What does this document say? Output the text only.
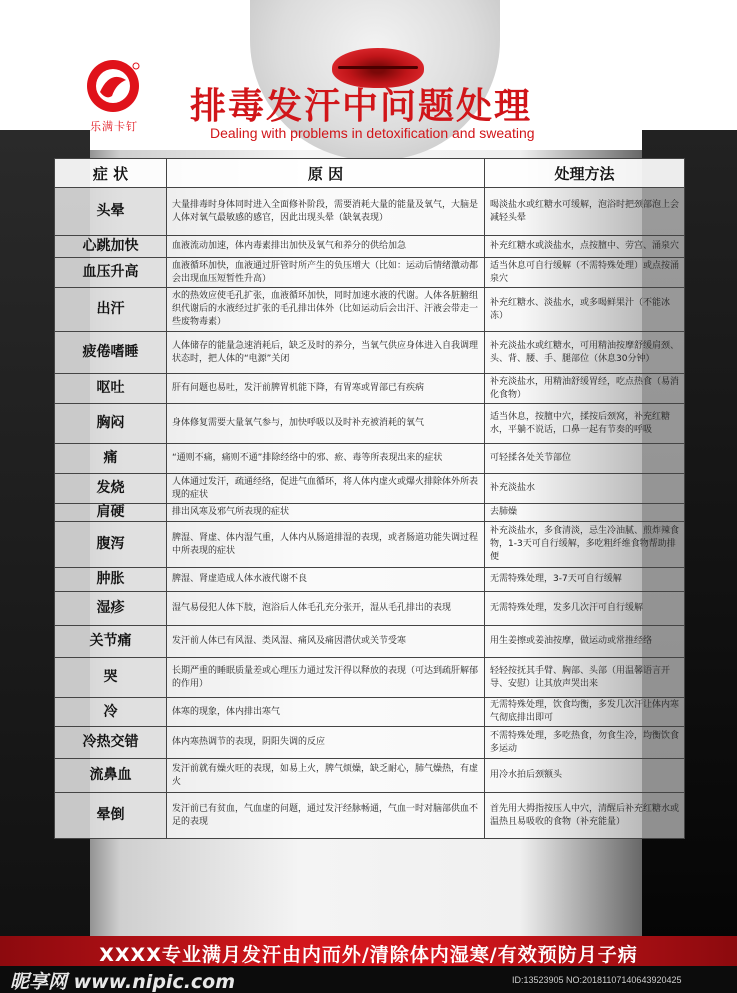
乐满卡钉	排毒发汗中问题处理
Dealing with problems in detoxification and sweating
症 状	原 因	处理方法
头晕	大量排毒时身体同时进入全面修补阶段，需要消耗大量的能量及氧气，大脑是人体对氧气最敏感的感官，因此出现头晕（缺氧表现）	喝淡盐水或红糖水可缓解，泡浴时把颈部泡上会减轻头晕
心跳加快	血液流动加速，体内毒素排出加快及氧气和养分的供给加急	补充红糖水或淡盐水，点按膻中、劳宫、涌泉穴
血压升高	血液循环加快，血液通过肝管时所产生的负压增大（比如：运动后情绪激动都会出现血压短暂性升高）	适当休息可自行缓解（不需特殊处理）或点按涌泉穴
出汗	水的热效应使毛孔扩张，血液循环加快，同时加速水液的代谢。人体各脏腑组织代谢后的水液经过扩张的毛孔排出体外（比如运动后会出汗、汗液会带走一些废物毒素）	补充红糖水、淡盐水，或多喝鲜果汁（不能冰冻）
疲倦嗜睡	人体储存的能量急速消耗后，缺乏及时的养分，当氧气供应身体进入自我调理状态时，把人体的“电源”关闭	补充淡盐水或红糖水，可用精油按摩舒缓肩颈、头、背、腰、手、腿部位（休息30分钟）
呕吐	肝有问题也易吐，发汗前脾胃机能下降，有胃寒或胃部已有疾病	补充淡盐水，用精油舒缓胃经，吃点热食（易消化食物）
胸闷	身体修复需要大量氧气参与，加快呼吸以及时补充被消耗的氧气	适当休息，按膻中穴，揉按后颈窝，补充红糖水，平躺不说话，口鼻一起有节奏的呼吸
痛	“通则不痛，痛则不通”排除经络中的邪、瘀、毒等所表现出来的症状	可轻揉各处关节部位
发烧	人体通过发汗，疏通经络，促进气血循环，将人体内虚火或爆火排除体外所表现的症状	补充淡盐水
肩硬	排出风寒及邪气所表现的症状	去肺燥
腹泻	脾湿、肾虚、体内湿气重，人体内从肠道排湿的表现，或者肠道功能失调过程中所表现的症状	补充淡盐水，多食清淡，忌生冷油腻、煎炸辣食物，1-3天可自行缓解，多吃粗纤维食物帮助排便
肿胀	脾湿、肾虚造成人体水液代谢不良	无需特殊处理，3-7天可自行缓解
湿疹	湿气易侵犯人体下肢，泡浴后人体毛孔充分张开，湿从毛孔排出的表现	无需特殊处理，发多几次汗可自行缓解
关节痛	发汗前人体已有风湿、类风湿、痛风及痛因潜伏或关节受寒	用生姜擦或姜油按摩，做运动或常推经络
哭	长期严重的睡眠质量差或心理压力通过发汗得以释放的表现（可达到疏肝解郁的作用）	轻轻按抚其手臂、胸部、头部（用温馨语言开导、安慰）让其放声哭出来
冷	体寒的现象，体内排出寒气	无需特殊处理，饮食均衡，多发几次汗让体内寒气彻底排出即可
冷热交错	体内寒热调节的表现，阴阳失调的反应	不需特殊处理，多吃热食，勿食生冷，均衡饮食多运动
流鼻血	发汗前就有燥火旺的表现，如易上火，脾气烦燥，缺乏耐心，肺气燥热，有虚火	用冷水拍后颈额头
晕倒	发汗前已有贫血，气血虚的问题，通过发汗经脉畅通，气血一时对脑部供血不足的表现	首先用大拇指按压人中穴，清醒后补充红糖水或温热且易吸收的食物（补充能量）
XXXX专业满月发汗由内而外/清除体内湿寒/有效预防月子病
昵享网 www.nipic.com	ID:13523905 NO:20181107140643920425
